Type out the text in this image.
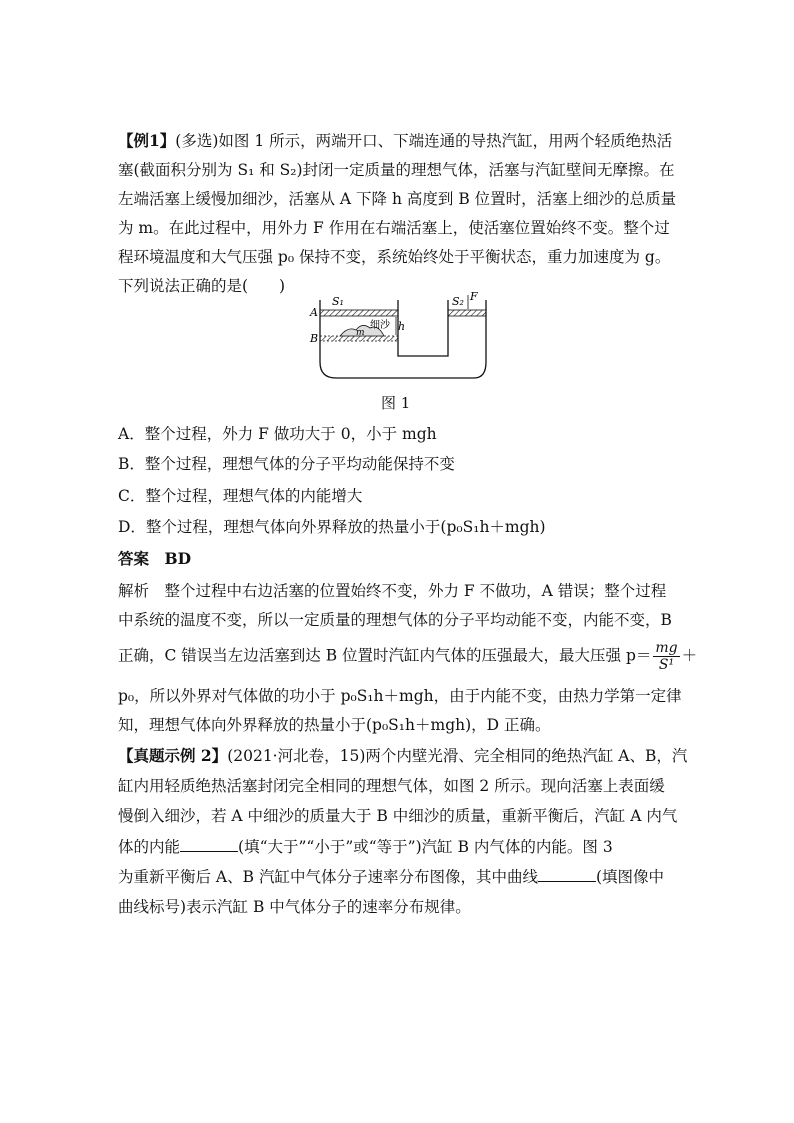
【例1】(多选)如图 1 所示，两端开口、下端连通的导热汽缸，用两个轻质绝热活
塞(截面积分别为 S₁ 和 S₂)封闭一定质量的理想气体，活塞与汽缸壁间无摩擦。在
左端活塞上缓慢加细沙，活塞从 A 下降 h 高度到 B 位置时，活塞上细沙的总质量
为 m。在此过程中，用外力 F 作用在右端活塞上，使活塞位置始终不变。整个过
程环境温度和大气压强 p₀ 保持不变，系统始终处于平衡状态，重力加速度为 g。
下列说法正确的是(　　)
S₁	S₂ F
A
B
h
m
细沙
图 1
A．整个过程，外力 F 做功大于 0，小于 mgh
B．整个过程，理想气体的分子平均动能保持不变
C．整个过程，理想气体的内能增大
D．整个过程，理想气体向外界释放的热量小于(p₀S₁h＋mgh)
答案　BD
解析　整个过程中右边活塞的位置始终不变，外力 F 不做功，A 错误；整个过程
中系统的温度不变，所以一定质量的理想气体的分子平均动能不变，内能不变，B
正确，C 错误当左边活塞到达 B 位置时汽缸内气体的压强最大，最大压强 $p= \frac{mg}{\text{S¹}}$ ＋
p₀，所以外界对气体做的功小于 p₀S₁h＋mgh，由于内能不变，由热力学第一定律
知，理想气体向外界释放的热量小于(p₀S₁h＋mgh)，D 正确。
【真题示例 2】(2021·河北卷，15)两个内壁光滑、完全相同的绝热汽缸 A、B，汽
缸内用轻质绝热活塞封闭完全相同的理想气体，如图 2 所示。现向活塞上表面缓
慢倒入细沙，若 A 中细沙的质量大于 B 中细沙的质量，重新平衡后，汽缸 A 内气
体的内能	(填“大于”“小于”或“等于”)汽缸 B 内气体的内能。图 3
为重新平衡后 A、B 汽缸中气体分子速率分布图像，其中曲线	(填图像中
曲线标号)表示汽缸 B 中气体分子的速率分布规律。
